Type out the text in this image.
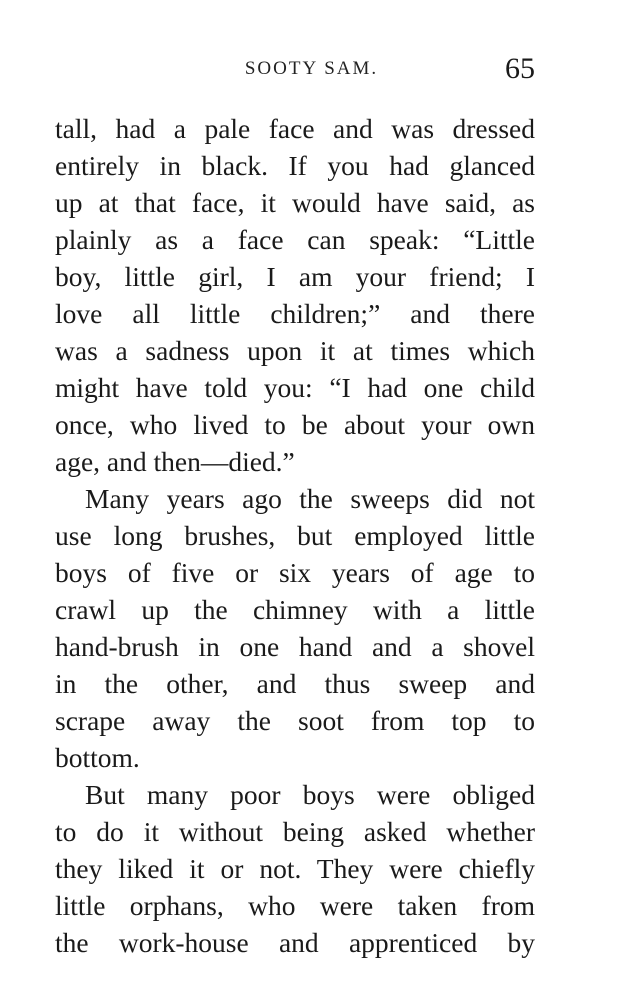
SOOTY SAM.	65
tall, had a pale face and was dressed
entirely in black. If you had glanced
up at that face, it would have said, as
plainly as a face can speak: “Little
boy, little girl, I am your friend; I
love all little children;” and there
was a sadness upon it at times which
might have told you: “I had one child
once, who lived to be about your own
age, and then—died.”
Many years ago the sweeps did not
use long brushes, but employed little
boys of five or six years of age to
crawl up the chimney with a little
hand-brush in one hand and a shovel
in the other, and thus sweep and
scrape away the soot from top to
bottom.
But many poor boys were obliged
to do it without being asked whether
they liked it or not. They were chiefly
little orphans, who were taken from
the work-house and apprenticed by
